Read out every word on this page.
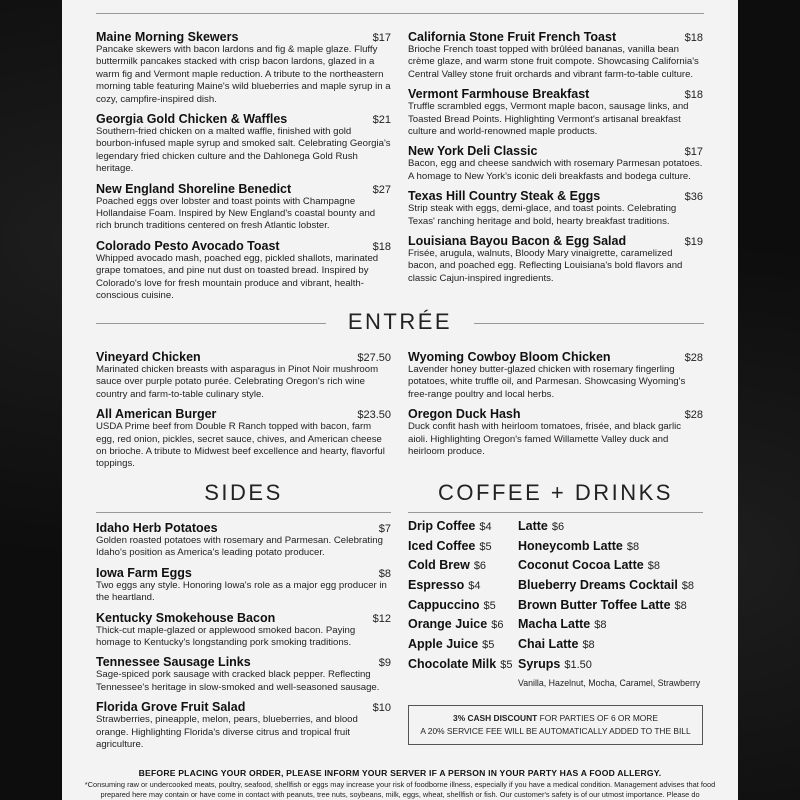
Maine Morning Skewers	$17
Pancake skewers with bacon lardons and fig & maple glaze. Fluffy buttermilk pancakes stacked with crisp bacon lardons, glazed in a warm fig and Vermont maple reduction. A tribute to the northeastern morning table featuring Maine's wild blueberries and maple syrup in a cozy, campfire-inspired dish.
Georgia Gold Chicken & Waffles	$21
Southern-fried chicken on a malted waffle, finished with gold bourbon-infused maple syrup and smoked salt. Celebrating Georgia's legendary fried chicken culture and the Dahlonega Gold Rush heritage.
New England Shoreline Benedict	$27
Poached eggs over lobster and toast points with Champagne Hollandaise Foam. Inspired by New England's coastal bounty and rich brunch traditions centered on fresh Atlantic lobster.
Colorado Pesto Avocado Toast	$18
Whipped avocado mash, poached egg, pickled shallots, marinated grape tomatoes, and pine nut dust on toasted bread. Inspired by Colorado's love for fresh mountain produce and vibrant, health-conscious cuisine.
California Stone Fruit French Toast	$18
Brioche French toast topped with brûléed bananas, vanilla bean crème glaze, and warm stone fruit compote. Showcasing California's Central Valley stone fruit orchards and vibrant farm-to-table culture.
Vermont Farmhouse Breakfast	$18
Truffle scrambled eggs, Vermont maple bacon, sausage links, and Toasted Bread Points. Highlighting Vermont's artisanal breakfast culture and world-renowned maple products.
New York Deli Classic	$17
Bacon, egg and cheese sandwich with rosemary Parmesan potatoes. A homage to New York's iconic deli breakfasts and bodega culture.
Texas Hill Country Steak & Eggs	$36
Strip steak with eggs, demi-glace, and toast points. Celebrating Texas' ranching heritage and bold, hearty breakfast traditions.
Louisiana Bayou Bacon & Egg Salad	$19
Frisée, arugula, walnuts, Bloody Mary vinaigrette, caramelized bacon, and poached egg. Reflecting Louisiana's bold flavors and classic Cajun-inspired ingredients.
ENTRÉE
Vineyard Chicken	$27.50
Marinated chicken breasts with asparagus in Pinot Noir mushroom sauce over purple potato purée. Celebrating Oregon's rich wine country and farm-to-table culinary style.
All American Burger	$23.50
USDA Prime beef from Double R Ranch topped with bacon, farm egg, red onion, pickles, secret sauce, chives, and American cheese on brioche. A tribute to Midwest beef excellence and hearty, flavorful toppings.
Wyoming Cowboy Bloom Chicken	$28
Lavender honey butter-glazed chicken with rosemary fingerling potatoes, white truffle oil, and Parmesan. Showcasing Wyoming's free-range poultry and local herbs.
Oregon Duck Hash	$28
Duck confit hash with heirloom tomatoes, frisée, and black garlic aioli. Highlighting Oregon's famed Willamette Valley duck and heirloom produce.
SIDES	COFFEE + DRINKS
Idaho Herb Potatoes	$7
Golden roasted potatoes with rosemary and Parmesan. Celebrating Idaho's position as America's leading potato producer.
Iowa Farm Eggs	$8
Two eggs any style. Honoring Iowa's role as a major egg producer in the heartland.
Kentucky Smokehouse Bacon	$12
Thick-cut maple-glazed or applewood smoked bacon. Paying homage to Kentucky's longstanding pork smoking traditions.
Tennessee Sausage Links	$9
Sage-spiced pork sausage with cracked black pepper. Reflecting Tennessee's heritage in slow-smoked and well-seasoned sausage.
Florida Grove Fruit Salad	$10
Strawberries, pineapple, melon, pears, blueberries, and blood orange. Highlighting Florida's diverse citrus and tropical fruit agriculture.
Drip Coffee $4
Iced Coffee $5
Cold Brew $6
Espresso $4
Cappuccino $5
Orange Juice $6
Apple Juice $5
Chocolate Milk $5
Latte $6
Honeycomb Latte $8
Coconut Cocoa Latte $8
Blueberry Dreams Cocktail $8
Brown Butter Toffee Latte $8
Macha Latte $8
Chai Latte $8
Syrups $1.50
Vanilla, Hazelnut, Mocha, Caramel, Strawberry
3% CASH DISCOUNT FOR PARTIES OF 6 OR MORE
A 20% SERVICE FEE WILL BE AUTOMATICALLY ADDED TO THE BILL
BEFORE PLACING YOUR ORDER, PLEASE INFORM YOUR SERVER IF A PERSON IN YOUR PARTY HAS A FOOD ALLERGY.
*Consuming raw or undercooked meats, poultry, seafood, shellfish or eggs may increase your risk of foodborne illness, especially if you have a medical condition. Management advises that food prepared here may contain or have come in contact with peanuts, tree nuts, soybeans, milk, eggs, wheat, shellfish or fish. Our customer's safety is of our utmost importance. Please do
